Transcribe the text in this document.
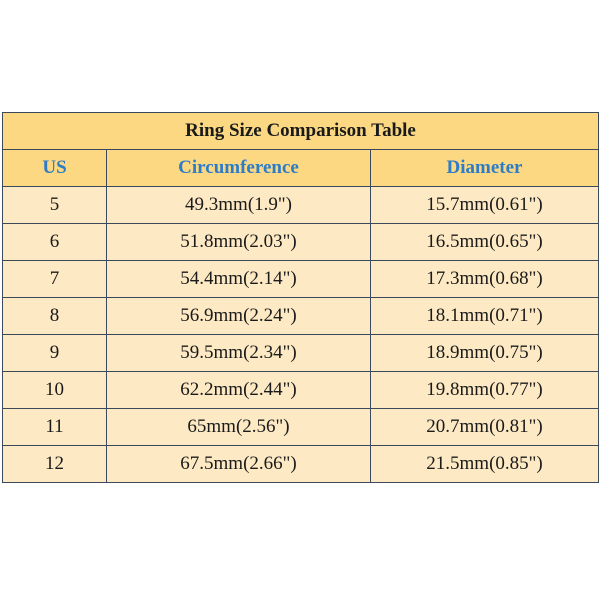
Ring Size Comparison Table		
US	Circumference	Diameter
5	49.3mm(1.9")	15.7mm(0.61")
6	51.8mm(2.03")	16.5mm(0.65")
7	54.4mm(2.14")	17.3mm(0.68")
8	56.9mm(2.24")	18.1mm(0.71")
9	59.5mm(2.34")	18.9mm(0.75")
10	62.2mm(2.44")	19.8mm(0.77")
11	65mm(2.56")	20.7mm(0.81")
12	67.5mm(2.66")	21.5mm(0.85")
